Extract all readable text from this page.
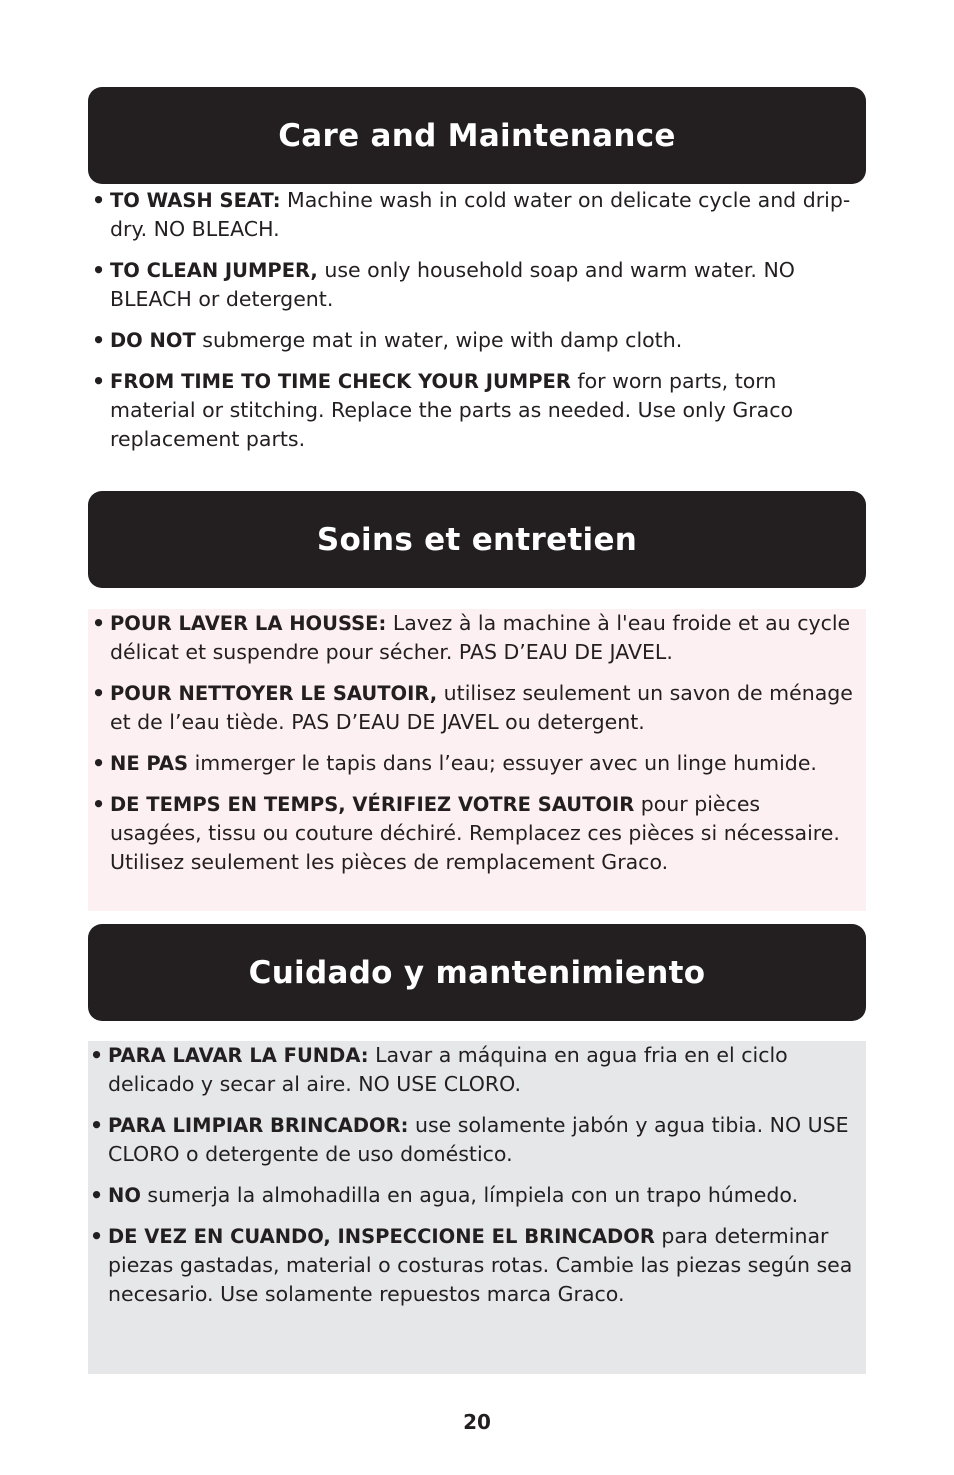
Care and Maintenance
• TO WASH SEAT: Machine wash in cold water on delicate cycle and drip-dry. NO BLEACH.
• TO CLEAN JUMPER, use only household soap and warm water. NO BLEACH or detergent.
• DO NOT submerge mat in water, wipe with damp cloth.
• FROM TIME TO TIME CHECK YOUR JUMPER for worn parts, torn material or stitching. Replace the parts as needed. Use only Graco replacement parts.
Soins et entretien
• POUR LAVER LA HOUSSE: Lavez à la machine à l'eau froide et au cycle délicat et suspendre pour sécher. PAS D’EAU DE JAVEL.
• POUR NETTOYER LE SAUTOIR, utilisez seulement un savon de ménage et de l’eau tiède. PAS D’EAU DE JAVEL ou detergent.
• NE PAS immerger le tapis dans l’eau; essuyer avec un linge humide.
• DE TEMPS EN TEMPS, VÉRIFIEZ VOTRE SAUTOIR pour pièces usagées, tissu ou couture déchiré. Remplacez ces pièces si nécessaire. Utilisez seulement les pièces de remplacement Graco.
Cuidado y mantenimiento
• PARA LAVAR LA FUNDA: Lavar a máquina en agua fria en el ciclo delicado y secar al aire. NO USE CLORO.
• PARA LIMPIAR BRINCADOR: use solamente jabón y agua tibia. NO USE CLORO o detergente de uso doméstico.
• NO sumerja la almohadilla en agua, límpiela con un trapo húmedo.
• DE VEZ EN CUANDO, INSPECCIONE EL BRINCADOR para determinar piezas gastadas, material o costuras rotas. Cambie las piezas según sea necesario. Use solamente repuestos marca Graco.
20
